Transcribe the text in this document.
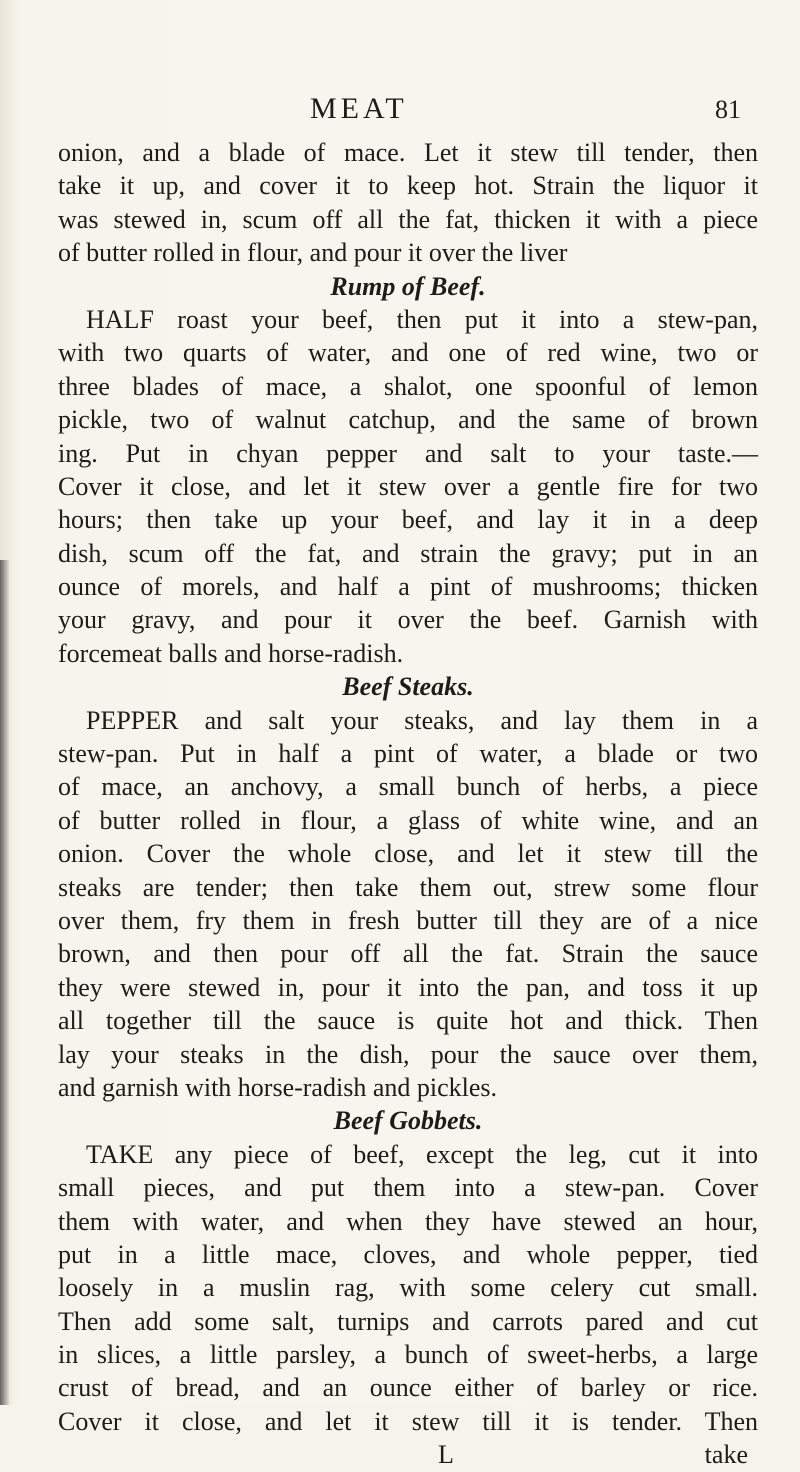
MEAT	81
onion, and a blade of mace. Let it stew till tender, then
take it up, and cover it to keep hot. Strain the liquor it
was stewed in, scum off all the fat, thicken it with a piece
of butter rolled in flour, and pour it over the liver
Rump of Beef.
HALF roast your beef, then put it into a stew-pan,
with two quarts of water, and one of red wine, two or
three blades of mace, a shalot, one spoonful of lemon
pickle, two of walnut catchup, and the same of brown
ing. Put in chyan pepper and salt to your taste.—
Cover it close, and let it stew over a gentle fire for two
hours; then take up your beef, and lay it in a deep
dish, scum off the fat, and strain the gravy; put in an
ounce of morels, and half a pint of mushrooms; thicken
your gravy, and pour it over the beef. Garnish with
forcemeat balls and horse-radish.
Beef Steaks.
PEPPER and salt your steaks, and lay them in a
stew-pan. Put in half a pint of water, a blade or two
of mace, an anchovy, a small bunch of herbs, a piece
of butter rolled in flour, a glass of white wine, and an
onion. Cover the whole close, and let it stew till the
steaks are tender; then take them out, strew some flour
over them, fry them in fresh butter till they are of a nice
brown, and then pour off all the fat. Strain the sauce
they were stewed in, pour it into the pan, and toss it up
all together till the sauce is quite hot and thick. Then
lay your steaks in the dish, pour the sauce over them,
and garnish with horse-radish and pickles.
Beef Gobbets.
TAKE any piece of beef, except the leg, cut it into
small pieces, and put them into a stew-pan. Cover
them with water, and when they have stewed an hour,
put in a little mace, cloves, and whole pepper, tied
loosely in a muslin rag, with some celery cut small.
Then add some salt, turnips and carrots pared and cut
in slices, a little parsley, a bunch of sweet-herbs, a large
crust of bread, and an ounce either of barley or rice.
Cover it close, and let it stew till it is tender. Then
L take
